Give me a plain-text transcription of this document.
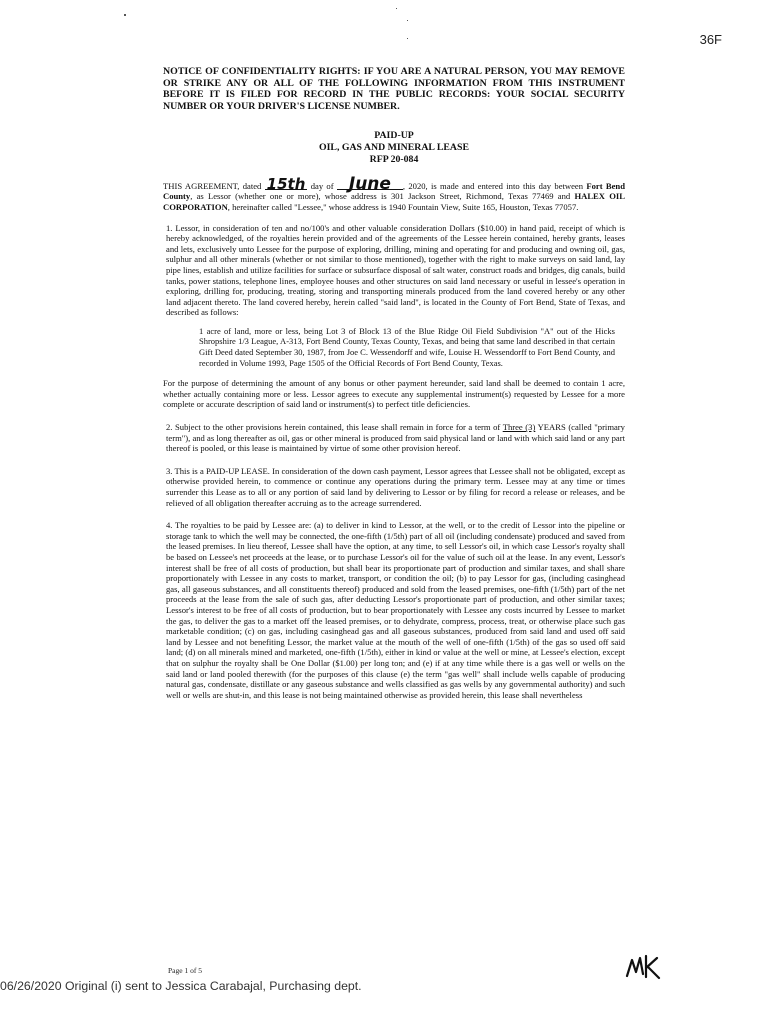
36F
NOTICE OF CONFIDENTIALITY RIGHTS: IF YOU ARE A NATURAL PERSON, YOU MAY REMOVE OR STRIKE ANY OR ALL OF THE FOLLOWING INFORMATION FROM THIS INSTRUMENT BEFORE IT IS FILED FOR RECORD IN THE PUBLIC RECORDS: YOUR SOCIAL SECURITY NUMBER OR YOUR DRIVER'S LICENSE NUMBER.
PAID-UP
OIL, GAS AND MINERAL LEASE
RFP 20-084

THIS AGREEMENT, dated 15th day of June , 2020, is made and entered into this day between Fort Bend County, as Lessor (whether one or more), whose address is 301 Jackson Street, Richmond, Texas 77469 and HALEX OIL CORPORATION, hereinafter called "Lessee," whose address is 1940 Fountain View, Suite 165, Houston, Texas 77057.

1. Lessor, in consideration of ten and no/100's and other valuable consideration Dollars ($10.00) in hand paid, receipt of which is hereby acknowledged, of the royalties herein provided and of the agreements of the Lessee herein contained, hereby grants, leases and lets, exclusively unto Lessee for the purpose of exploring, drilling, mining and operating for and producing and owning oil, gas, sulphur and all other minerals (whether or not similar to those mentioned), together with the right to make surveys on said land, lay pipe lines, establish and utilize facilities for surface or subsurface disposal of salt water, construct roads and bridges, dig canals, build tanks, power stations, telephone lines, employee houses and other structures on said land necessary or useful in lessee's operation in exploring, drilling for, producing, treating, storing and transporting minerals produced from the land covered hereby or any other land adjacent thereto. The land covered hereby, herein called "said land", is located in the County of Fort Bend, State of Texas, and described as follows:

1 acre of land, more or less, being Lot 3 of Block 13 of the Blue Ridge Oil Field Subdivision "A" out of the Hicks Shropshire 1/3 League, A-313, Fort Bend County, Texas County, Texas, and being that same land described in that certain Gift Deed dated September 30, 1987, from Joe C. Wessendorff and wife, Louise H. Wessendorff to Fort Bend County, and recorded in Volume 1993, Page 1505 of the Official Records of Fort Bend County, Texas.

For the purpose of determining the amount of any bonus or other payment hereunder, said land shall be deemed to contain 1 acre, whether actually containing more or less. Lessor agrees to execute any supplemental instrument(s) requested by Lessee for a more complete or accurate description of said land or instrument(s) to perfect title deficiencies.

2. Subject to the other provisions herein contained, this lease shall remain in force for a term of Three (3) YEARS (called "primary term"), and as long thereafter as oil, gas or other mineral is produced from said physical land or land with which said land or any part thereof is pooled, or this lease is maintained by virtue of some other provision hereof.

3. This is a PAID-UP LEASE. In consideration of the down cash payment, Lessor agrees that Lessee shall not be obligated, except as otherwise provided herein, to commence or continue any operations during the primary term. Lessee may at any time or times surrender this Lease as to all or any portion of said land by delivering to Lessor or by filing for record a release or releases, and be relieved of all obligation thereafter accruing as to the acreage surrendered.

4. The royalties to be paid by Lessee are: (a) to deliver in kind to Lessor, at the well, or to the credit of Lessor into the pipeline or storage tank to which the well may be connected, the one-fifth (1/5th) part of all oil (including condensate) produced and saved from the leased premises. In lieu thereof, Lessee shall have the option, at any time, to sell Lessor's oil, in which case Lessor's royalty shall be based on Lessee's net proceeds at the lease, or to purchase Lessor's oil for the value of such oil at the lease. In any event, Lessor's interest shall be free of all costs of production, but shall bear its proportionate part of production and similar taxes, and shall share proportionately with Lessee in any costs to market, transport, or condition the oil; (b) to pay Lessor for gas, (including casinghead gas, all gaseous substances, and all constituents thereof) produced and sold from the leased premises, one-fifth (1/5th) part of the net proceeds at the lease from the sale of such gas, after deducting Lessor's proportionate part of production, and other similar taxes; Lessor's interest to be free of all costs of production, but to bear proportionately with Lessee any costs incurred by Lessee to market the gas, to deliver the gas to a market off the leased premises, or to dehydrate, compress, process, treat, or otherwise place such gas marketable condition; (c) on gas, including casinghead gas and all gaseous substances, produced from said land and used off said land by Lessee and not benefiting Lessor, the market value at the mouth of the well of one-fifth (1/5th) of the gas so used off said land; (d) on all minerals mined and marketed, one-fifth (1/5th), either in kind or value at the well or mine, at Lessee's election, except that on sulphur the royalty shall be One Dollar ($1.00) per long ton; and (e) if at any time while there is a gas well or wells on the said land or land pooled therewith (for the purposes of this clause (e) the term "gas well" shall include wells capable of producing natural gas, condensate, distillate or any gaseous substance and wells classified as gas wells by any governmental authority) and such well or wells are shut-in, and this lease is not being maintained otherwise as provided herein, this lease shall nevertheless

Page 1 of 5
06/26/2020 Original (i) sent to Jessica Carabajal, Purchasing dept.
